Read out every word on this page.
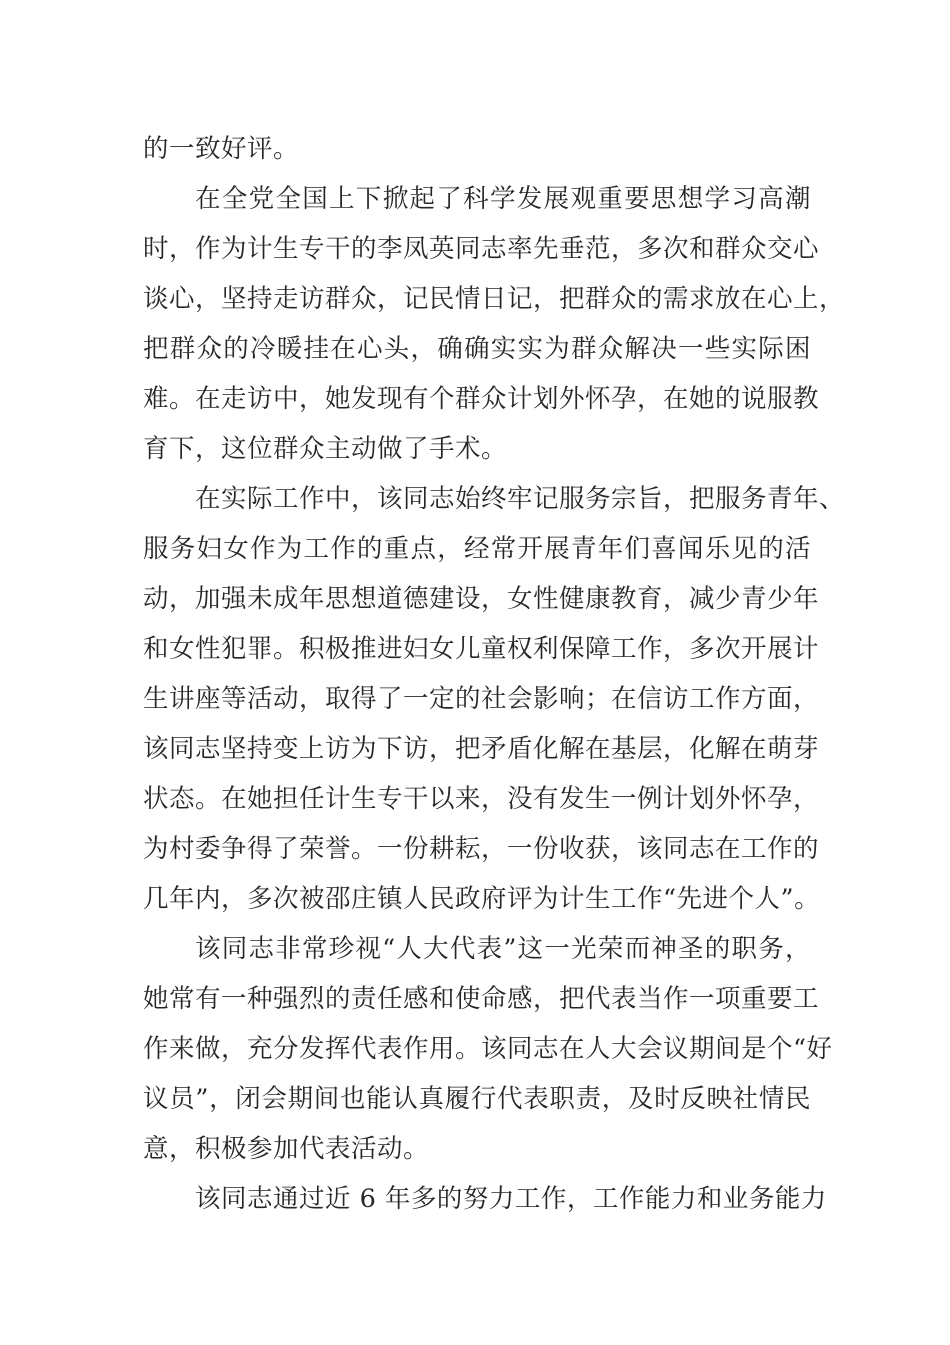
的一致好评。

在全党全国上下掀起了科学发展观重要思想学习高潮

时，作为计生专干的李凤英同志率先垂范，多次和群众交心

谈心，坚持走访群众，记民情日记，把群众的需求放在心上，

把群众的冷暖挂在心头，确确实实为群众解决一些实际困

难。在走访中，她发现有个群众计划外怀孕，在她的说服教

育下，这位群众主动做了手术。

在实际工作中，该同志始终牢记服务宗旨，把服务青年、

服务妇女作为工作的重点，经常开展青年们喜闻乐见的活

动，加强未成年思想道德建设，女性健康教育，减少青少年

和女性犯罪。积极推进妇女儿童权利保障工作，多次开展计

生讲座等活动，取得了一定的社会影响；在信访工作方面，

该同志坚持变上访为下访，把矛盾化解在基层，化解在萌芽

状态。在她担任计生专干以来，没有发生一例计划外怀孕，

为村委争得了荣誉。一份耕耘，一份收获，该同志在工作的

几年内，多次被邵庄镇人民政府评为计生工作“先进个人”。

该同志非常珍视“人大代表”这一光荣而神圣的职务，

她常有一种强烈的责任感和使命感，把代表当作一项重要工

作来做，充分发挥代表作用。该同志在人大会议期间是个“好

议员”，闭会期间也能认真履行代表职责，及时反映社情民

意，积极参加代表活动。

该同志通过近 6 年多的努力工作，工作能力和业务能力
